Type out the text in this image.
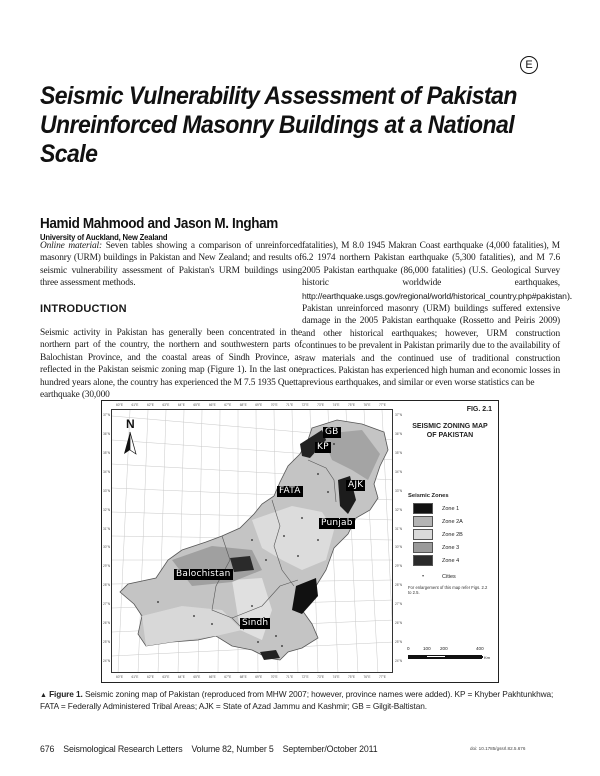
E
Seismic Vulnerability Assessment of Pakistan Unreinforced Masonry Buildings at a National Scale
Hamid Mahmood and Jason M. Ingham
University of Auckland, New Zealand

Online material: Seven tables showing a comparison of unreinforced masonry (URM) buildings in Pakistan and New Zealand; and results of seismic vulnerability assessment of Pakistan's URM buildings using three assessment methods.

INTRODUCTION

Seismic activity in Pakistan has generally been concentrated in the northern part of the country, the northern and southwestern parts of Balochistan Province, and the coastal areas of Sindh Province, as reflected in the Pakistan seismic zoning map (Figure 1). In the last one hundred years alone, the country has experienced the M 7.5 1935 Quetta earthquake (30,000

fatalities), M 8.0 1945 Makran Coast earthquake (4,000 fatalities), M 6.2 1974 northern Pakistan earthquake (5,300 fatalities), and M 7.6 2005 Pakistan earthquake (86,000 fatalities) (U.S. Geological Survey historic worldwide earthquakes, http://earthquake.usgs.gov/regional/world/historical_country.php#pakistan). Pakistan unreinforced masonry (URM) buildings suffered extensive damage in the 2005 Pakistan earthquake (Rossetto and Peiris 2009) and other historical earthquakes; however, URM construction continues to be prevalent in Pakistan primarily due to the availability of raw materials and the continued use of traditional construction practices. Pakistan has experienced high human and economic losses in previous earthquakes, and similar or even worse statistics can be

60°E	61°E	62°E	63°E	64°E	65°E	66°E	67°E	68°E	69°E	70°E	71°E	72°E	73°E	74°E	75°E	76°E	77°E
60°E	61°E	62°E	63°E	64°E	65°E	66°E	67°E	68°E	69°E	70°E	71°E	72°E	73°E	74°E	75°E	76°E	77°E
37°N
36°N
35°N
34°N
33°N
32°N
31°N
30°N
29°N
28°N
27°N
26°N
25°N
24°N
37°N
36°N
35°N
34°N
33°N
32°N
31°N
30°N
29°N
28°N
27°N
26°N
25°N
24°N
N
GB
KP
FATA
AJK
Punjab
Balochistan
Sindh
FIG. 2.1
SEISMIC ZONING MAP OF PAKISTAN
Seismic Zones
Zone 1
Zone 2A
Zone 2B
Zone 3
Zone 4
•	Cities
For enlargement of this map refer Figs. 2.2 to 2.5.
0	100 200	400
Km
▲ Figure 1. Seismic zoning map of Pakistan (reproduced from MHW 2007; however, province names were added). KP = Khyber Pakhtunkhwa; FATA = Federally Administered Tribal Areas; AJK = State of Azad Jammu and Kashmir; GB = Gilgit-Baltistan.
676 Seismological Research Letters Volume 82, Number 5 September/October 2011	doi: 10.1785/gssrl.82.5.676
